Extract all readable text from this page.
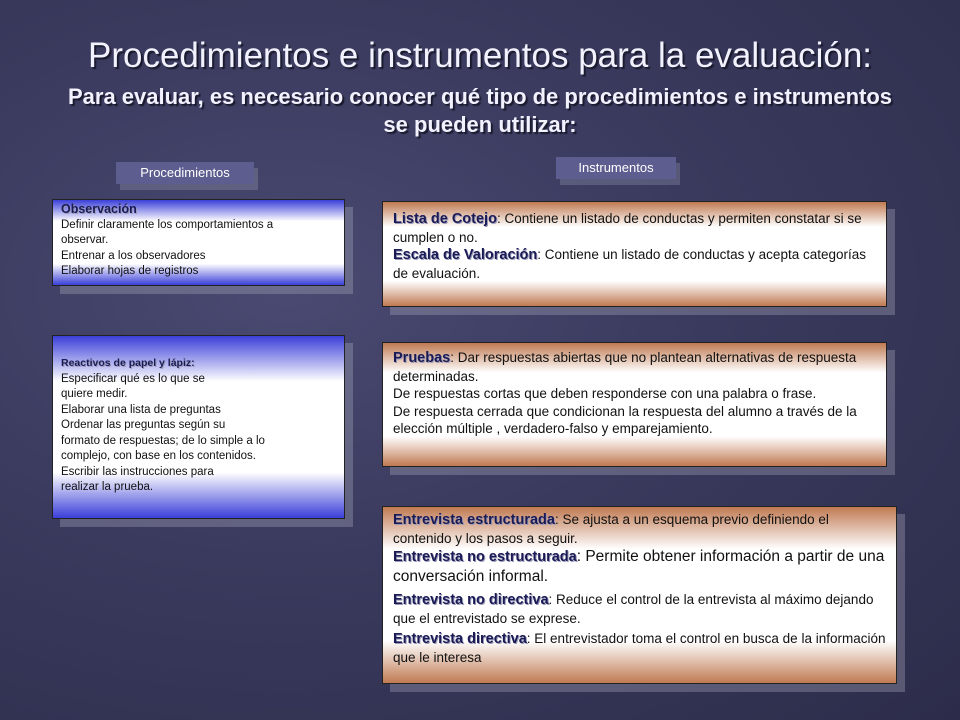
Procedimientos e instrumentos para la evaluación:
Para evaluar, es necesario conocer qué tipo de procedimientos e instrumentos se pueden utilizar:
Procedimientos	Instrumentos

Observación

Definir claramente los comportamientos a

observar.

Entrenar a los observadores

Elaborar hojas de registros

Reactivos de papel y lápiz:

Especificar qué es lo que se

quiere medir.

Elaborar una lista de preguntas

Ordenar las preguntas según su

formato de respuestas; de lo simple a lo

complejo, con base en los contenidos.

Escribir las instrucciones para

realizar la prueba.

Lista de Cotejo: Contiene un listado de conductas y permiten constatar si se cumplen o no.

Escala de Valoración: Contiene un listado de conductas y acepta categorías de evaluación.

Pruebas: Dar respuestas abiertas que no plantean alternativas de respuesta determinadas.

De respuestas cortas que deben responderse con una palabra o frase.

De respuesta cerrada que condicionan la respuesta del alumno a través de la elección múltiple , verdadero-falso y emparejamiento.

Entrevista estructurada: Se ajusta a un esquema previo definiendo el contenido y los pasos a seguir.

Entrevista no estructurada: Permite obtener información a partir de una conversación informal.

Entrevista no directiva: Reduce el control de la entrevista al máximo dejando que el entrevistado se exprese.

Entrevista directiva: El entrevistador toma el control en busca de la información que le interesa
